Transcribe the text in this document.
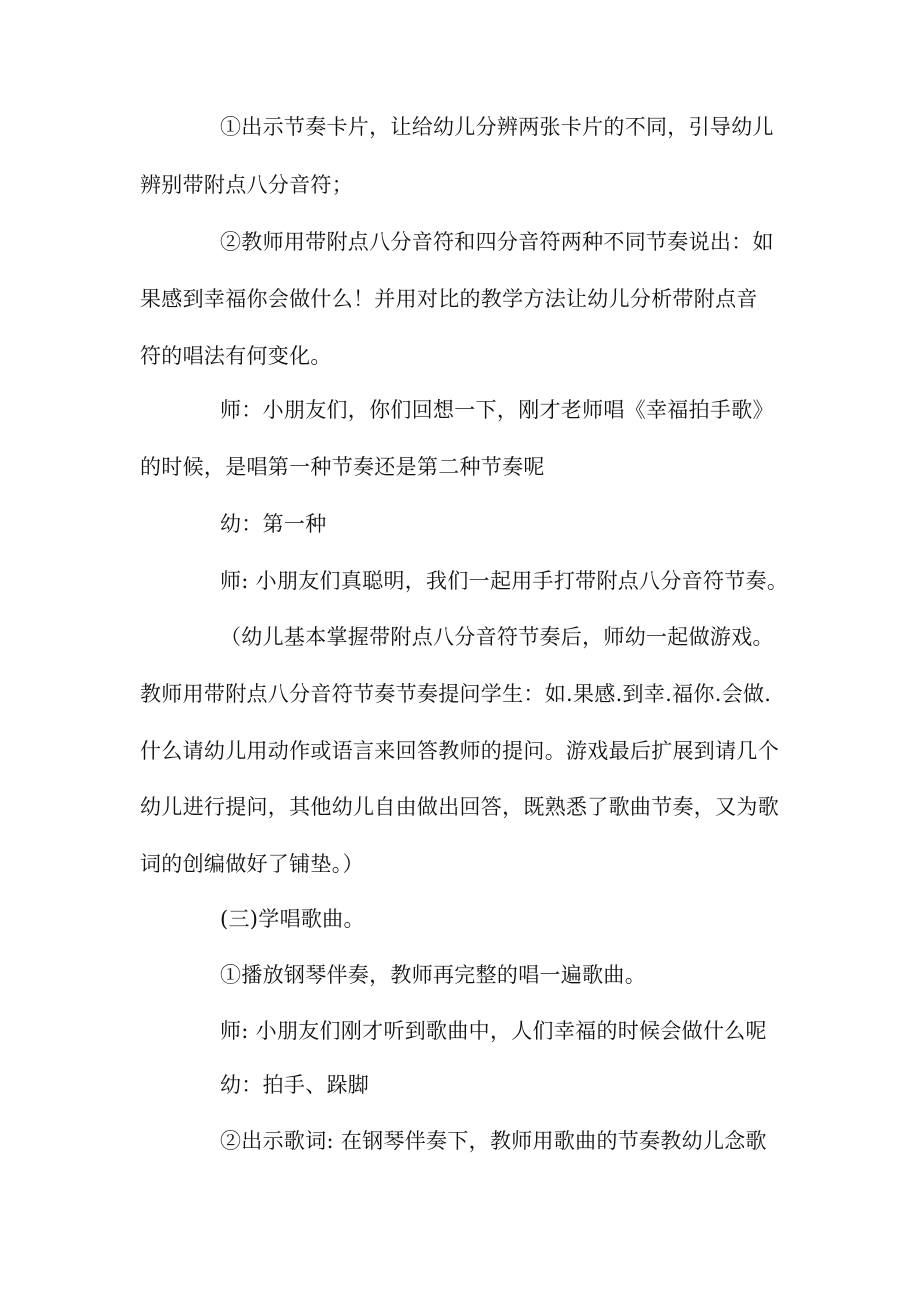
①出示节奏卡片，让给幼儿分辨两张卡片的不同，引导幼儿
辨别带附点八分音符；
②教师用带附点八分音符和四分音符两种不同节奏说出：如
果感到幸福你会做什么！并用对比的教学方法让幼儿分析带附点音
符的唱法有何变化。
师：小朋友们，你们回想一下，刚才老师唱《幸福拍手歌》
的时候，是唱第一种节奏还是第二种节奏呢
幼：第一种
师: 小朋友们真聪明，我们一起用手打带附点八分音符节奏。
（幼儿基本掌握带附点八分音符节奏后，师幼一起做游戏。
教师用带附点八分音符节奏节奏提问学生：如.果感.到幸.福你.会做.
什么请幼儿用动作或语言来回答教师的提问。游戏最后扩展到请几个
幼儿进行提问，其他幼儿自由做出回答，既熟悉了歌曲节奏，又为歌
词的创编做好了铺垫。）
(三)学唱歌曲。
①播放钢琴伴奏，教师再完整的唱一遍歌曲。
师: 小朋友们刚才听到歌曲中，人们幸福的时候会做什么呢
幼：拍手、跺脚
②出示歌词: 在钢琴伴奏下，教师用歌曲的节奏教幼儿念歌
